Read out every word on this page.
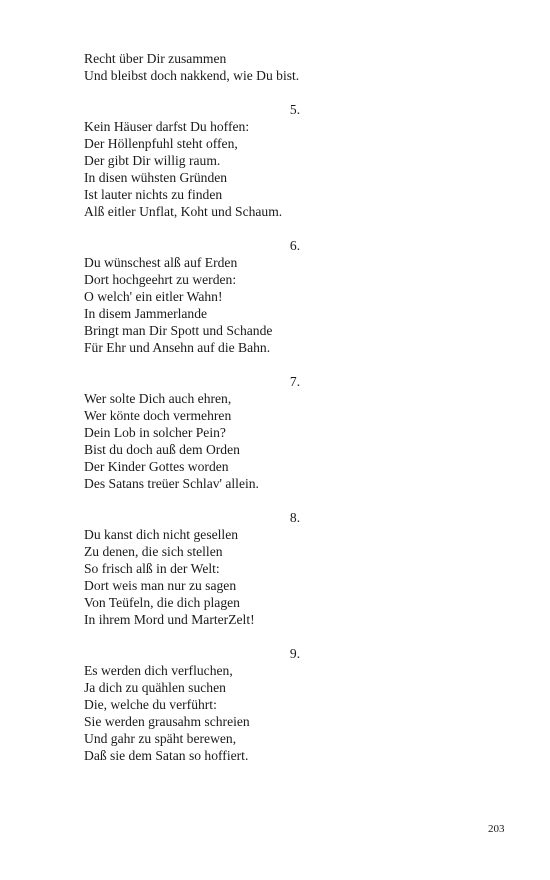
Recht über Dir zusammen
Und bleibst doch nakkend, wie Du bist.
5.
Kein Häuser darfst Du hoffen:
Der Höllenpfuhl steht offen,
Der gibt Dir willig raum.
In disen wühsten Gründen
Ist lauter nichts zu finden
Alß eitler Unflat, Koht und Schaum.
6.
Du wünschest alß auf Erden
Dort hochgeehrt zu werden:
O welch' ein eitler Wahn!
In disem Jammerlande
Bringt man Dir Spott und Schande
Für Ehr und Ansehn auf die Bahn.
7.
Wer solte Dich auch ehren,
Wer könte doch vermehren
Dein Lob in solcher Pein?
Bist du doch auß dem Orden
Der Kinder Gottes worden
Des Satans treüer Schlav' allein.
8.
Du kanst dich nicht gesellen
Zu denen, die sich stellen
So frisch alß in der Welt:
Dort weis man nur zu sagen
Von Teüfeln, die dich plagen
In ihrem Mord und MarterZelt!
9.
Es werden dich verfluchen,
Ja dich zu quählen suchen
Die, welche du verführt:
Sie werden grausahm schreien
Und gahr zu späht berewen,
Daß sie dem Satan so hoffiert.
203
